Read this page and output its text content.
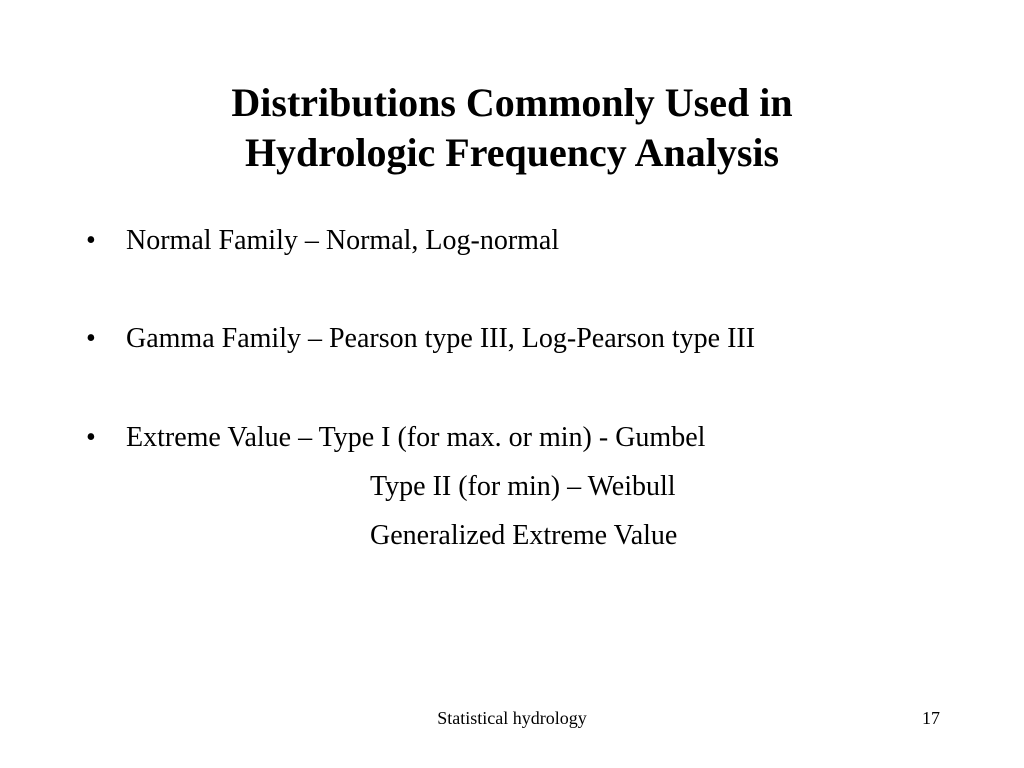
Distributions Commonly Used in
Hydrologic Frequency Analysis
• Normal Family – Normal, Log-normal
• Gamma Family – Pearson type III, Log-Pearson type III
• Extreme Value – Type I (for max. or min) - Gumbel
Type II (for min) – Weibull
Generalized Extreme Value
Statistical hydrology	17
